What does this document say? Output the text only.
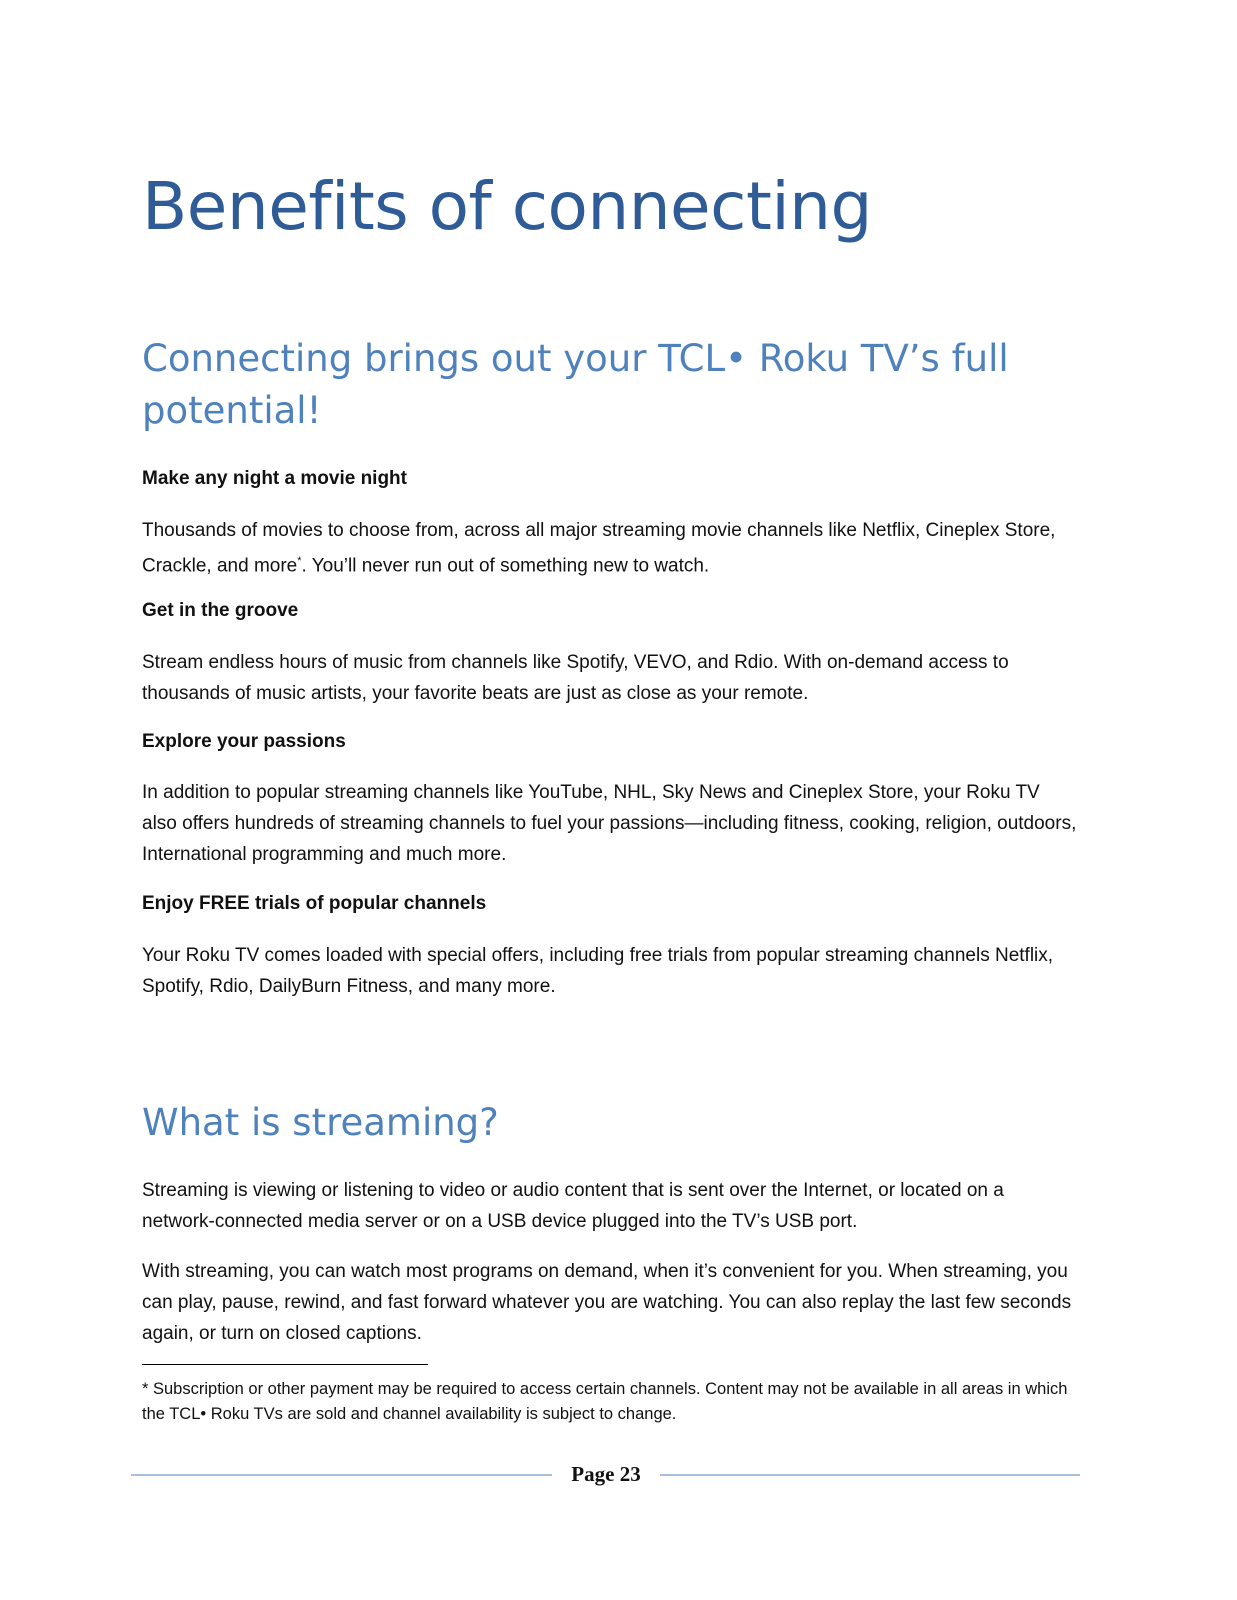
Benefits of connecting
Connecting brings out your TCL• Roku TV’s full potential!
Make any night a movie night

Thousands of movies to choose from, across all major streaming movie channels like Netflix, Cineplex Store, Crackle, and more*. You’ll never run out of something new to watch.

Get in the groove

Stream endless hours of music from channels like Spotify, VEVO, and Rdio. With on-demand access to thousands of music artists, your favorite beats are just as close as your remote.

Explore your passions

In addition to popular streaming channels like YouTube, NHL, Sky News and Cineplex Store, your Roku TV also offers hundreds of streaming channels to fuel your passions—including fitness, cooking, religion, outdoors, International programming and much more.

Enjoy FREE trials of popular channels

Your Roku TV comes loaded with special offers, including free trials from popular streaming channels Netflix, Spotify, Rdio, DailyBurn Fitness, and many more.

What is streaming?

Streaming is viewing or listening to video or audio content that is sent over the Internet, or located on a network-connected media server or on a USB device plugged into the TV’s USB port.

With streaming, you can watch most programs on demand, when it’s convenient for you. When streaming, you can play, pause, rewind, and fast forward whatever you are watching. You can also replay the last few seconds again, or turn on closed captions.

* Subscription or other payment may be required to access certain channels. Content may not be available in all areas in which the TCL• Roku TVs are sold and channel availability is subject to change.

Page 23
